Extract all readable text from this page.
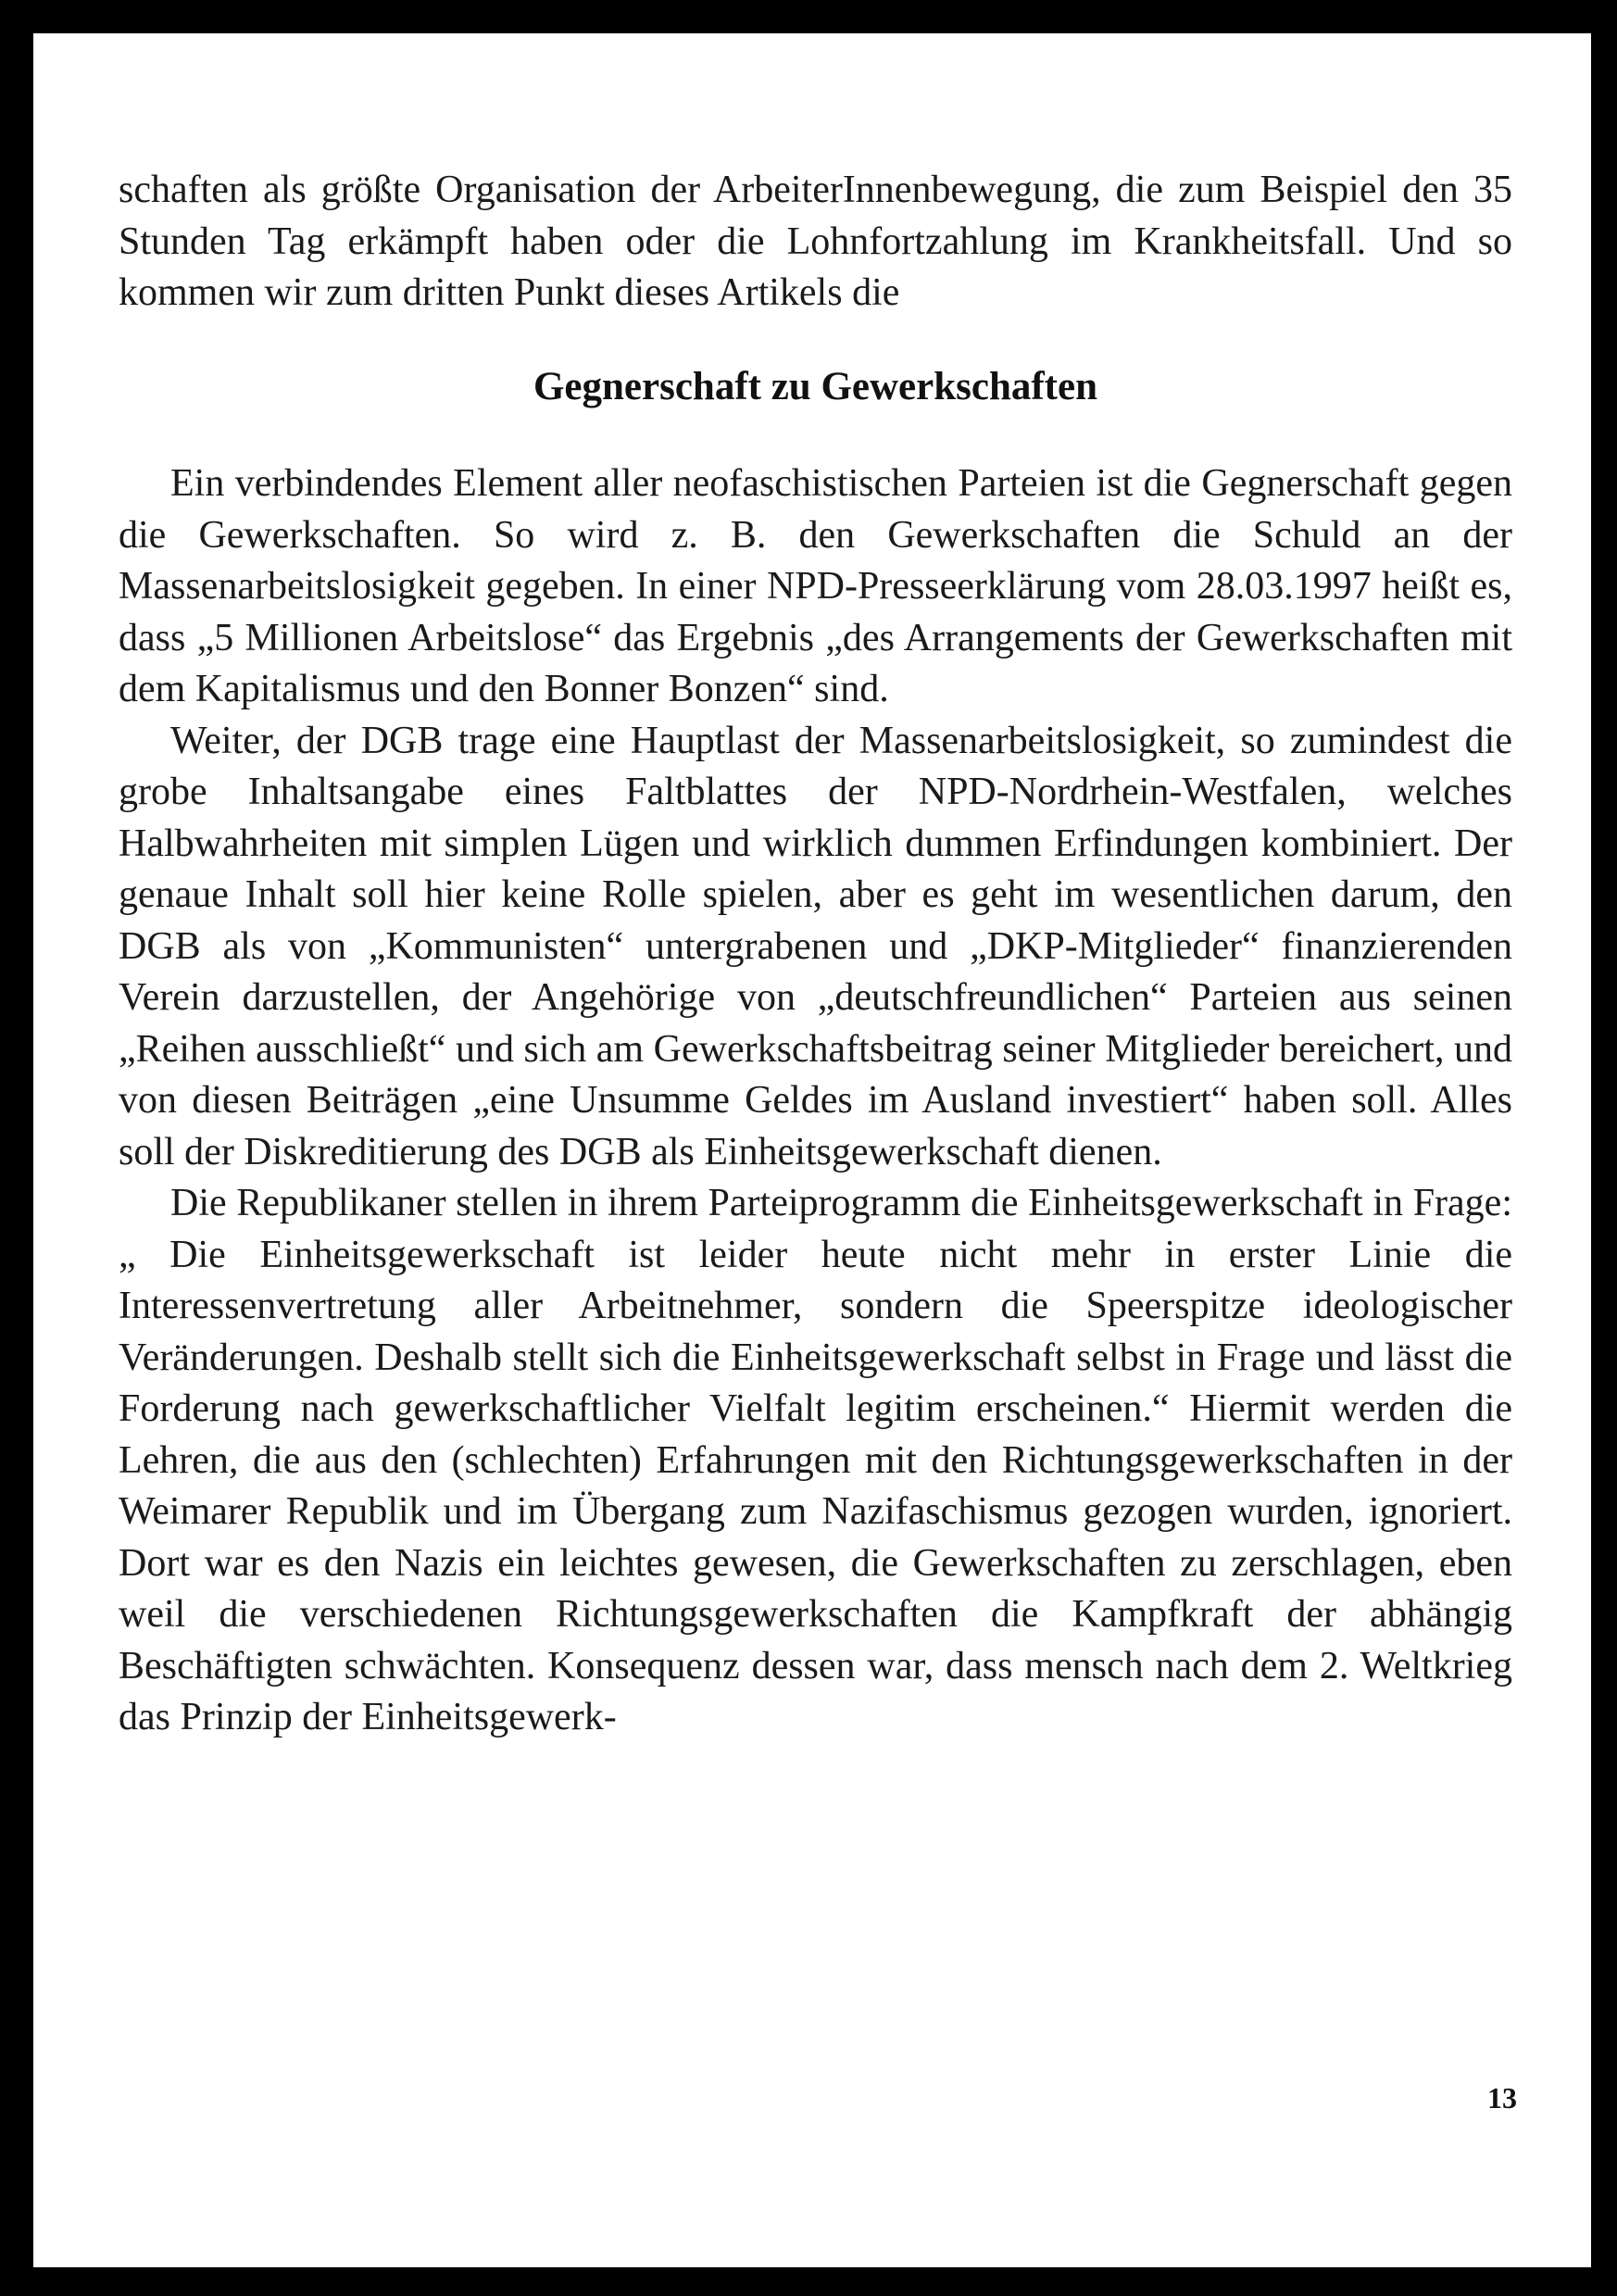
schaften als größte Organisation der ArbeiterInnenbewegung, die zum Beispiel den 35 Stunden Tag erkämpft haben oder die Lohnfortzahlung im Krankheitsfall. Und so kommen wir zum dritten Punkt dieses Artikels die

Gegnerschaft zu Gewerkschaften

Ein verbindendes Element aller neofaschistischen Parteien ist die Gegnerschaft gegen die Gewerkschaften. So wird z. B. den Gewerkschaften die Schuld an der Massenarbeitslosigkeit gegeben. In einer NPD-Presseerklärung vom 28.03.1997 heißt es, dass „5 Millionen Arbeitslose“ das Ergebnis „des Arrangements der Gewerkschaften mit dem Kapitalismus und den Bonner Bonzen“ sind.

Weiter, der DGB trage eine Hauptlast der Massenarbeitslosigkeit, so zumindest die grobe Inhaltsangabe eines Faltblattes der NPD-Nordrhein-Westfalen, welches Halbwahrheiten mit simplen Lügen und wirklich dummen Erfindungen kombiniert. Der genaue Inhalt soll hier keine Rolle spielen, aber es geht im wesentlichen darum, den DGB als von „Kommunisten“ untergrabenen und „DKP-Mitglieder“ finanzierenden Verein darzustellen, der Angehörige von „deutschfreundlichen“ Parteien aus seinen „Reihen ausschließt“ und sich am Gewerkschaftsbeitrag seiner Mitglieder bereichert, und von diesen Beiträgen „eine Unsumme Geldes im Ausland investiert“ haben soll. Alles soll der Diskreditierung des DGB als Einheitsgewerkschaft dienen.

Die Republikaner stellen in ihrem Parteiprogramm die Einheitsgewerkschaft in Frage: „ Die Einheitsgewerkschaft ist leider heute nicht mehr in erster Linie die Interessenvertretung aller Arbeitnehmer, sondern die Speerspitze ideologischer Veränderungen. Deshalb stellt sich die Einheitsgewerkschaft selbst in Frage und lässt die Forderung nach gewerkschaftlicher Vielfalt legitim erscheinen.“ Hiermit werden die Lehren, die aus den (schlechten) Erfahrungen mit den Richtungsgewerkschaften in der Weimarer Republik und im Übergang zum Nazifaschismus gezogen wurden, ignoriert. Dort war es den Nazis ein leichtes gewesen, die Gewerkschaften zu zerschlagen, eben weil die verschiedenen Richtungsgewerkschaften die Kampfkraft der abhängig Beschäftigten schwächten. Konsequenz dessen war, dass mensch nach dem 2. Weltkrieg das Prinzip der Einheitsgewerk-

13
